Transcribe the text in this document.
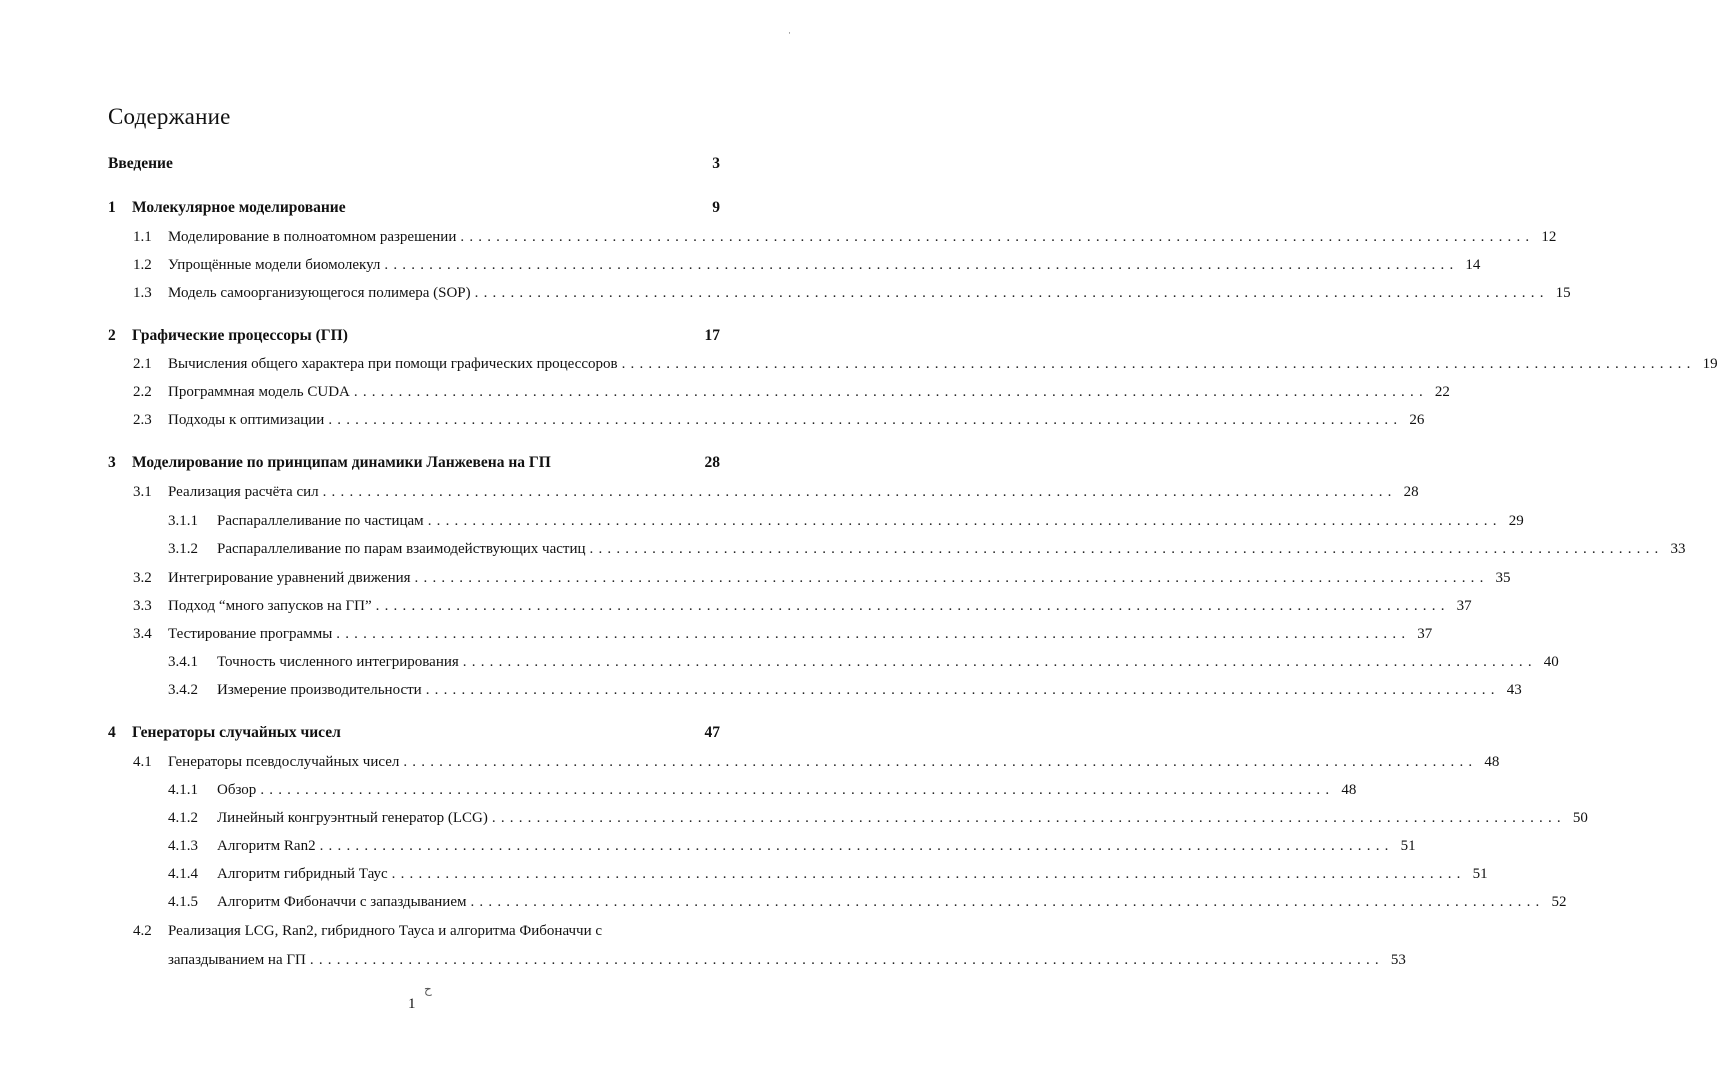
Содержание
Введение	3
1	Молекулярное моделирование	9
1.1	Моделирование в полноатомном разрешении ........................................................................................................................ 12
1.2	Упрощённые модели биомолекул ........................................................................................................................ 14
1.3	Модель самоорганизующегося полимера (SOP) ........................................................................................................................ 15
2	Графические процессоры (ГП)	17
2.1	Вычисления общего характера при помощи графических процессоров ........................................................................................................................ 19
2.2	Программная модель CUDA ........................................................................................................................ 22
2.3	Подходы к оптимизации ........................................................................................................................ 26
3	Моделирование по принципам динамики Ланжевена на ГП	28
3.1	Реализация расчёта сил ........................................................................................................................ 28
3.1.1	Распараллеливание по частицам ........................................................................................................................ 29
3.1.2	Распараллеливание по парам взаимодействующих частиц ........................................................................................................................ 33
3.2	Интегрирование уравнений движения ........................................................................................................................ 35
3.3	Подход “много запусков на ГП” ........................................................................................................................ 37
3.4	Тестирование программы ........................................................................................................................ 37
3.4.1	Точность численного интегрирования ........................................................................................................................ 40
3.4.2	Измерение производительности ........................................................................................................................ 43
4	Генераторы случайных чисел	47
4.1	Генераторы псевдослучайных чисел ........................................................................................................................ 48
4.1.1	Обзор ........................................................................................................................ 48
4.1.2	Линейный конгруэнтный генератор (LCG) ........................................................................................................................ 50
4.1.3	Алгоритм Ran2 ........................................................................................................................ 51
4.1.4	Алгоритм гибридный Таус ........................................................................................................................ 51
4.1.5	Алгоритм Фибоначчи с запаздыванием ........................................................................................................................ 52
4.2	Реализация LCG, Ran2, гибридного Тауса и алгоритма Фибоначчи с
запаздыванием на ГП ........................................................................................................................ 53
1
ح
·
